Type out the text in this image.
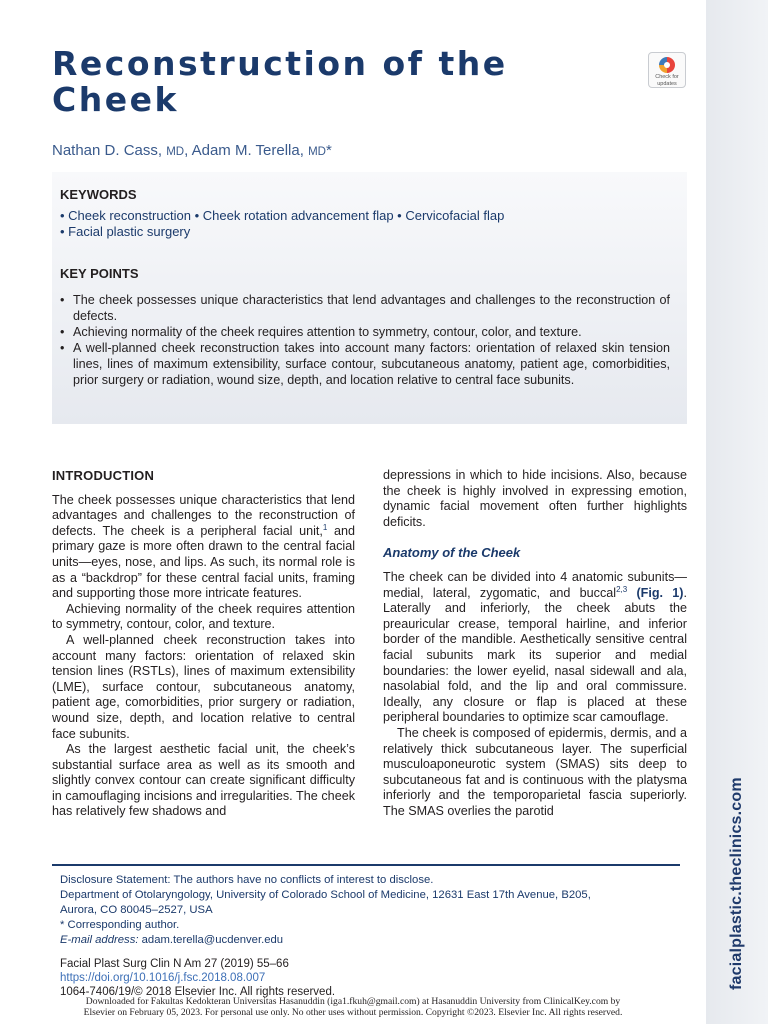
facialplastic.theclinics.com
Reconstruction of the Cheek
Check for
updates
Nathan D. Cass, MD, Adam M. Terella, MD*
KEYWORDS
• Cheek reconstruction • Cheek rotation advancement flap • Cervicofacial flap
• Facial plastic surgery
KEY POINTS
• The cheek possesses unique characteristics that lend advantages and challenges to the reconstruction of defects.
• Achieving normality of the cheek requires attention to symmetry, contour, color, and texture.
• A well-planned cheek reconstruction takes into account many factors: orientation of relaxed skin tension lines, lines of maximum extensibility, surface contour, subcutaneous anatomy, patient age, comorbidities, prior surgery or radiation, wound size, depth, and location relative to central face subunits.
INTRODUCTION

The cheek possesses unique characteristics that lend advantages and challenges to the reconstruction of defects. The cheek is a peripheral facial unit,$^1$ and primary gaze is more often drawn to the central facial units—eyes, nose, and lips. As such, its normal role is as a “backdrop” for these central facial units, framing and supporting those more intricate features.

Achieving normality of the cheek requires attention to symmetry, contour, color, and texture.

A well-planned cheek reconstruction takes into account many factors: orientation of relaxed skin tension lines (RSTLs), lines of maximum extensibility (LME), surface contour, subcutaneous anatomy, patient age, comorbidities, prior surgery or radiation, wound size, depth, and location relative to central face subunits.

As the largest aesthetic facial unit, the cheek’s substantial surface area as well as its smooth and slightly convex contour can create significant difficulty in camouflaging incisions and irregularities. The cheek has relatively few shadows and

depressions in which to hide incisions. Also, because the cheek is highly involved in expressing emotion, dynamic facial movement often further highlights deficits.

Anatomy of the Cheek

The cheek can be divided into 4 anatomic subunits—medial, lateral, zygomatic, and buccal$^{2,3}$ (Fig. 1). Laterally and inferiorly, the cheek abuts the preauricular crease, temporal hairline, and inferior border of the mandible. Aesthetically sensitive central facial subunits mark its superior and medial boundaries: the lower eyelid, nasal sidewall and ala, nasolabial fold, and the lip and oral commissure. Ideally, any closure or flap is placed at these peripheral boundaries to optimize scar camouflage.

The cheek is composed of epidermis, dermis, and a relatively thick subcutaneous layer. The superficial musculoaponeurotic system (SMAS) sits deep to subcutaneous fat and is continuous with the platysma inferiorly and the temporoparietal fascia superiorly. The SMAS overlies the parotid

Disclosure Statement: The authors have no conflicts of interest to disclose.
Department of Otolaryngology, University of Colorado School of Medicine, 12631 East 17th Avenue, B205,
Aurora, CO 80045–2527, USA
* Corresponding author.
E-mail address: adam.terella@ucdenver.edu
Facial Plast Surg Clin N Am 27 (2019) 55–66
https://doi.org/10.1016/j.fsc.2018.08.007
1064-7406/19/© 2018 Elsevier Inc. All rights reserved.
Downloaded for Fakultas Kedokteran Universitas Hasanuddin (iga1.fkuh@gmail.com) at Hasanuddin University from ClinicalKey.com by
Elsevier on February 05, 2023. For personal use only. No other uses without permission. Copyright ©2023. Elsevier Inc. All rights reserved.
